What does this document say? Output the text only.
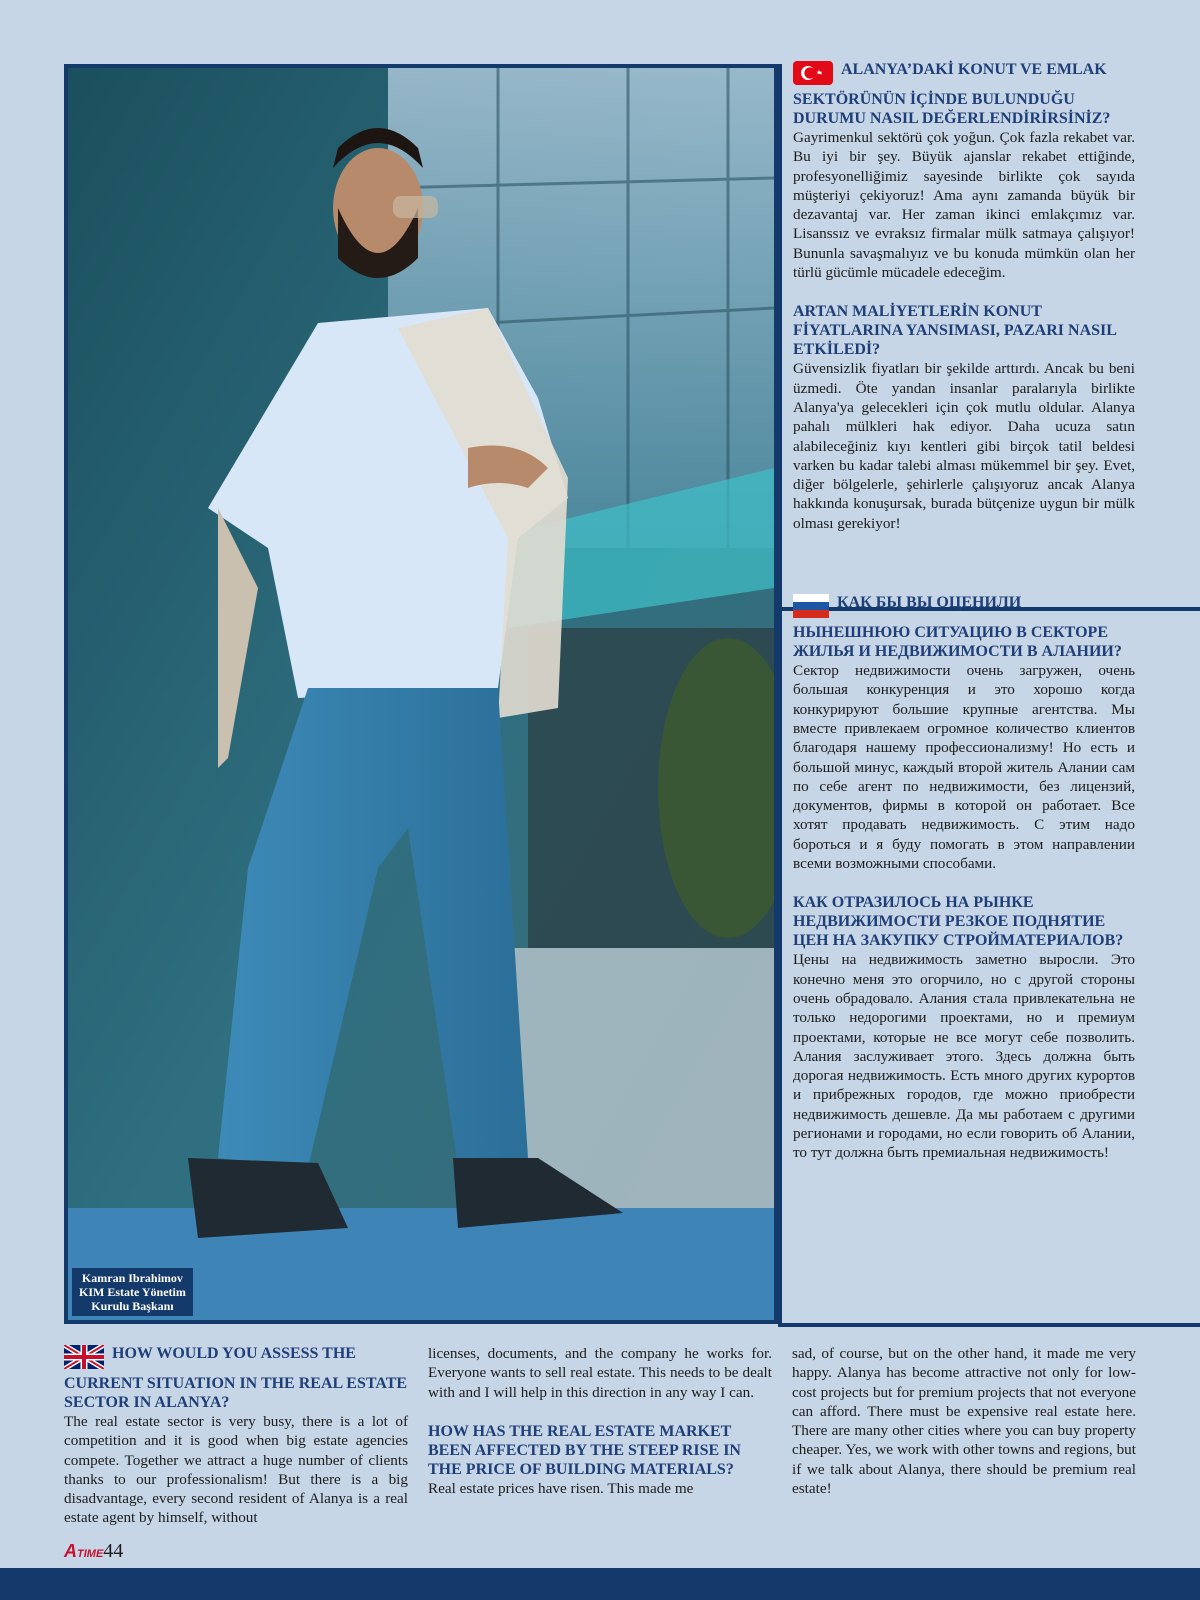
Kamran Ibrahimov
KIM Estate Yönetim
Kurulu Başkanı

ALANYA’DAKİ KONUT VE EMLAK SEKTÖRÜNÜN İÇİNDE BULUNDUĞU DURUMU NASIL DEĞERLENDİRİRSİNİZ?

Gayrimenkul sektörü çok yoğun. Çok fazla rekabet var. Bu iyi bir şey. Büyük ajanslar rekabet ettiğinde, profesyonelliğimiz sayesinde birlikte çok sayıda müşteriyi çekiyoruz! Ama aynı zamanda büyük bir dezavantaj var. Her zaman ikinci emlakçımız var. Lisanssız ve evraksız firmalar mülk satmaya çalışıyor! Bununla savaşmalıyız ve bu konuda mümkün olan her türlü gücümle mücadele edeceğim.

ARTAN MALİYETLERİN KONUT FİYATLARINA YANSIMASI, PAZARI NASIL ETKİLEDİ?

Güvensizlik fiyatları bir şekilde arttırdı. Ancak bu beni üzmedi. Öte yandan insanlar paralarıyla birlikte Alanya'ya gelecekleri için çok mutlu oldular. Alanya pahalı mülkleri hak ediyor. Daha ucuza satın alabileceğiniz kıyı kentleri gibi birçok tatil beldesi varken bu kadar talebi alması mükemmel bir şey. Evet, diğer bölgelerle, şehirlerle çalışıyoruz ancak Alanya hakkında konuşursak, burada bütçenize uygun bir mülk olması gerekiyor!

КАК БЫ ВЫ ОЦЕНИЛИ НЫНЕШНЮЮ СИТУАЦИЮ В СЕКТОРЕ ЖИЛЬЯ И НЕДВИЖИМОСТИ В АЛАНИИ?

Сектор недвижимости очень загружен, очень большая конкуренция и это хорошо когда конкурируют большие крупные агентства. Мы вместе привлекаем огромное количество клиентов благодаря нашему профессионализму! Но есть и большой минус, каждый второй житель Алании сам по себе агент по недвижимости, без лицензий, документов, фирмы в которой он работает. Все хотят продавать недвижимость. С этим надо бороться и я буду помогать в этом направлении всеми возможными способами.

КАК ОТРАЗИЛОСЬ НА РЫНКЕ НЕДВИЖИМОСТИ РЕЗКОЕ ПОДНЯТИЕ ЦЕН НА ЗАКУПКУ СТРОЙМАТЕРИАЛОВ?

Цены на недвижимость заметно выросли. Это конечно меня это огорчило, но с другой стороны очень обрадовало. Алания стала привлекательна не только недорогими проектами, но и премиум проектами, которые не все могут себе позволить. Алания заслуживает этого. Здесь должна быть дорогая недвижимость. Есть много других курортов и прибрежных городов, где можно приобрести недвижимость дешевле. Да мы работаем с другими регионами и городами, но если говорить об Алании, то тут должна быть премиальная недвижимость!

HOW WOULD YOU ASSESS THE CURRENT SITUATION IN THE REAL ESTATE SECTOR IN ALANYA?

The real estate sector is very busy, there is a lot of competition and it is good when big estate agencies compete. Together we attract a huge number of clients thanks to our professionalism! But there is a big disadvantage, every second resident of Alanya is a real estate agent by himself, without

licenses, documents, and the company he works for. Everyone wants to sell real estate. This needs to be dealt with and I will help in this direction in any way I can.

HOW HAS THE REAL ESTATE MARKET BEEN AFFECTED BY THE STEEP RISE IN THE PRICE OF BUILDING MATERIALS?

Real estate prices have risen. This made me

sad, of course, but on the other hand, it made me very happy. Alanya has become attractive not only for low-cost projects but for premium projects that not everyone can afford. There must be expensive real estate here. There are many other cities where you can buy property cheaper. Yes, we work with other towns and regions, but if we talk about Alanya, there should be premium real estate!

ATIME44
